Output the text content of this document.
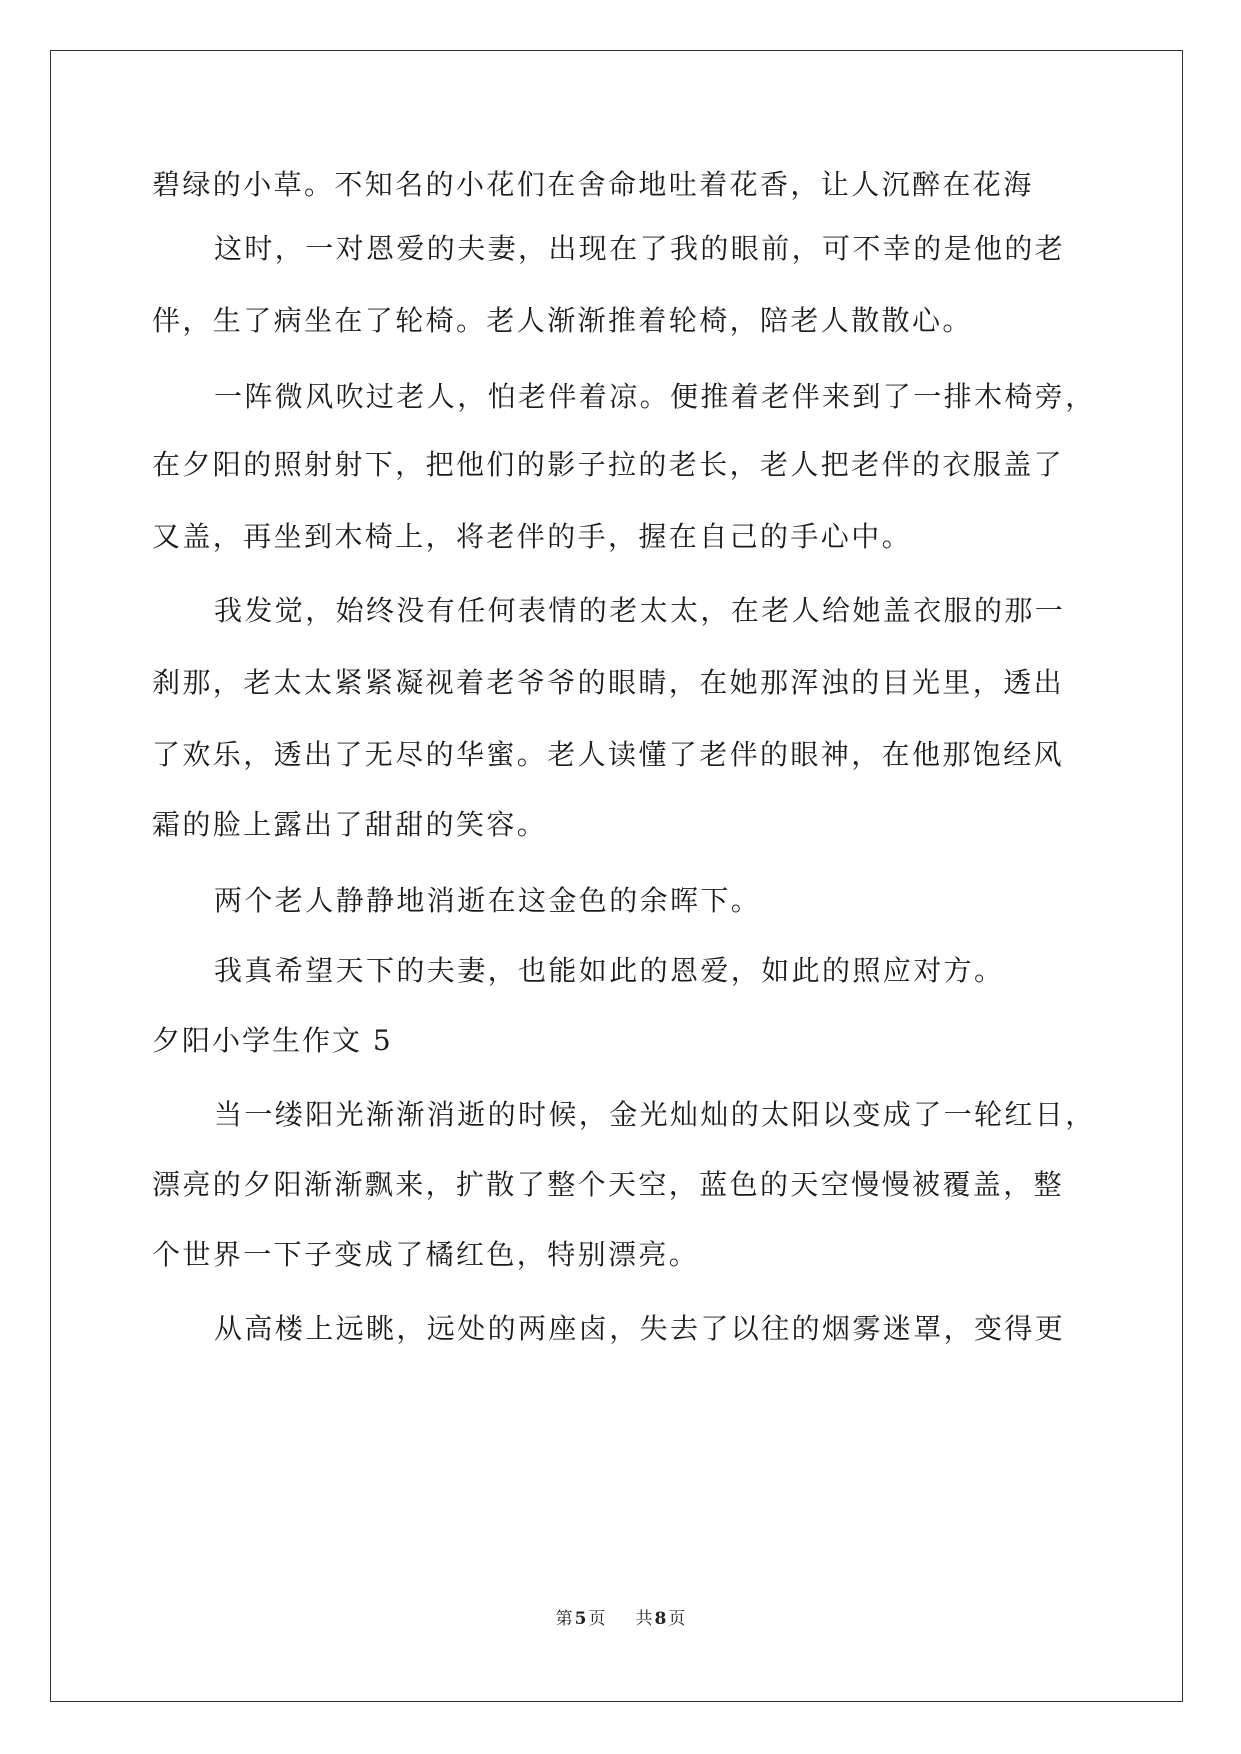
碧绿的小草。不知名的小花们在舍命地吐着花香，让人沉醉在花海
这时，一对恩爱的夫妻，出现在了我的眼前，可不幸的是他的老
伴，生了病坐在了轮椅。老人渐渐推着轮椅，陪老人散散心。
一阵微风吹过老人，怕老伴着凉。便推着老伴来到了一排木椅旁，
在夕阳的照射射下，把他们的影子拉的老长，老人把老伴的衣服盖了
又盖，再坐到木椅上，将老伴的手，握在自己的手心中。
我发觉，始终没有任何表情的老太太，在老人给她盖衣服的那一
刹那，老太太紧紧凝视着老爷爷的眼睛，在她那浑浊的目光里，透出
了欢乐，透出了无尽的华蜜。老人读懂了老伴的眼神，在他那饱经风
霜的脸上露出了甜甜的笑容。
两个老人静静地消逝在这金色的余晖下。
我真希望天下的夫妻，也能如此的恩爱，如此的照应对方。
夕阳小学生作文 5
当一缕阳光渐渐消逝的时候，金光灿灿的太阳以变成了一轮红日，
漂亮的夕阳渐渐飘来，扩散了整个天空，蓝色的天空慢慢被覆盖，整
个世界一下子变成了橘红色，特别漂亮。
从高楼上远眺，远处的两座卤，失去了以往的烟雾迷罩，变得更
第 5 页 共 8 页
